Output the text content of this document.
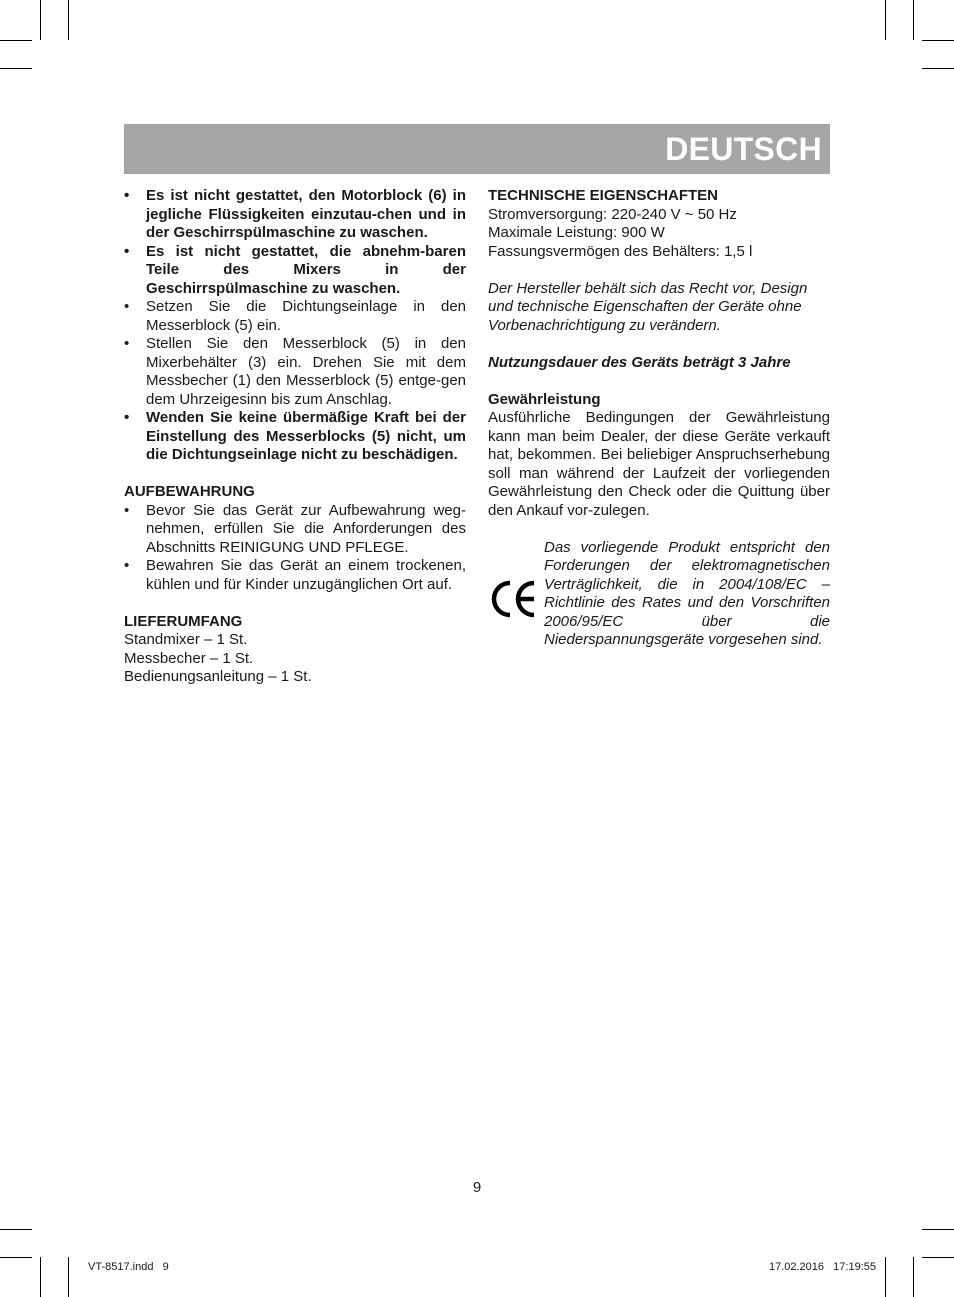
DEUTSCH
• Es ist nicht gestattet, den Motorblock (6) in jegliche Flüssigkeiten einzutau-chen und in der Geschirrspülmaschine zu waschen.
• Es ist nicht gestattet, die abnehm-baren Teile des Mixers in der Geschirrspülmaschine zu waschen.
• Setzen Sie die Dichtungseinlage in den Messerblock (5) ein.
• Stellen Sie den Messerblock (5) in den Mixerbehälter (3) ein. Drehen Sie mit dem Messbecher (1) den Messerblock (5) entge-gen dem Uhrzeigesinn bis zum Anschlag.
• Wenden Sie keine übermäßige Kraft bei der Einstellung des Messerblocks (5) nicht, um die Dichtungseinlage nicht zu beschädigen.
AUFBEWAHRUNG
• Bevor Sie das Gerät zur Aufbewahrung weg-nehmen, erfüllen Sie die Anforderungen des Abschnitts REINIGUNG UND PFLEGE.
• Bewahren Sie das Gerät an einem trockenen, kühlen und für Kinder unzugänglichen Ort auf.
LIEFERUMFANG
Standmixer – 1 St.
Messbecher – 1 St.
Bedienungsanleitung – 1 St.
TECHNISCHE EIGENSCHAFTEN
Stromversorgung: 220-240 V ~ 50 Hz
Maximale Leistung: 900 W
Fassungsvermögen des Behälters: 1,5 l
Der Hersteller behält sich das Recht vor, Design und technische Eigenschaften der Geräte ohne Vorbenachrichtigung zu verändern.
Nutzungsdauer des Geräts beträgt 3 Jahre
Gewährleistung
Ausführliche Bedingungen der Gewährleistung kann man beim Dealer, der diese Geräte verkauft hat, bekommen. Bei beliebiger Anspruchserhebung soll man während der Laufzeit der vorliegenden Gewährleistung den Check oder die Quittung über den Ankauf vor-zulegen.
Das vorliegende Produkt entspricht den Forderungen der elektromagnetischen Verträglichkeit, die in 2004/108/EC – Richtlinie des Rates und den Vorschriften 2006/95/EC über die Niederspannungsgeräte vorgesehen sind.
9
VT-8517.indd   9	17.02.2016   17:19:55
